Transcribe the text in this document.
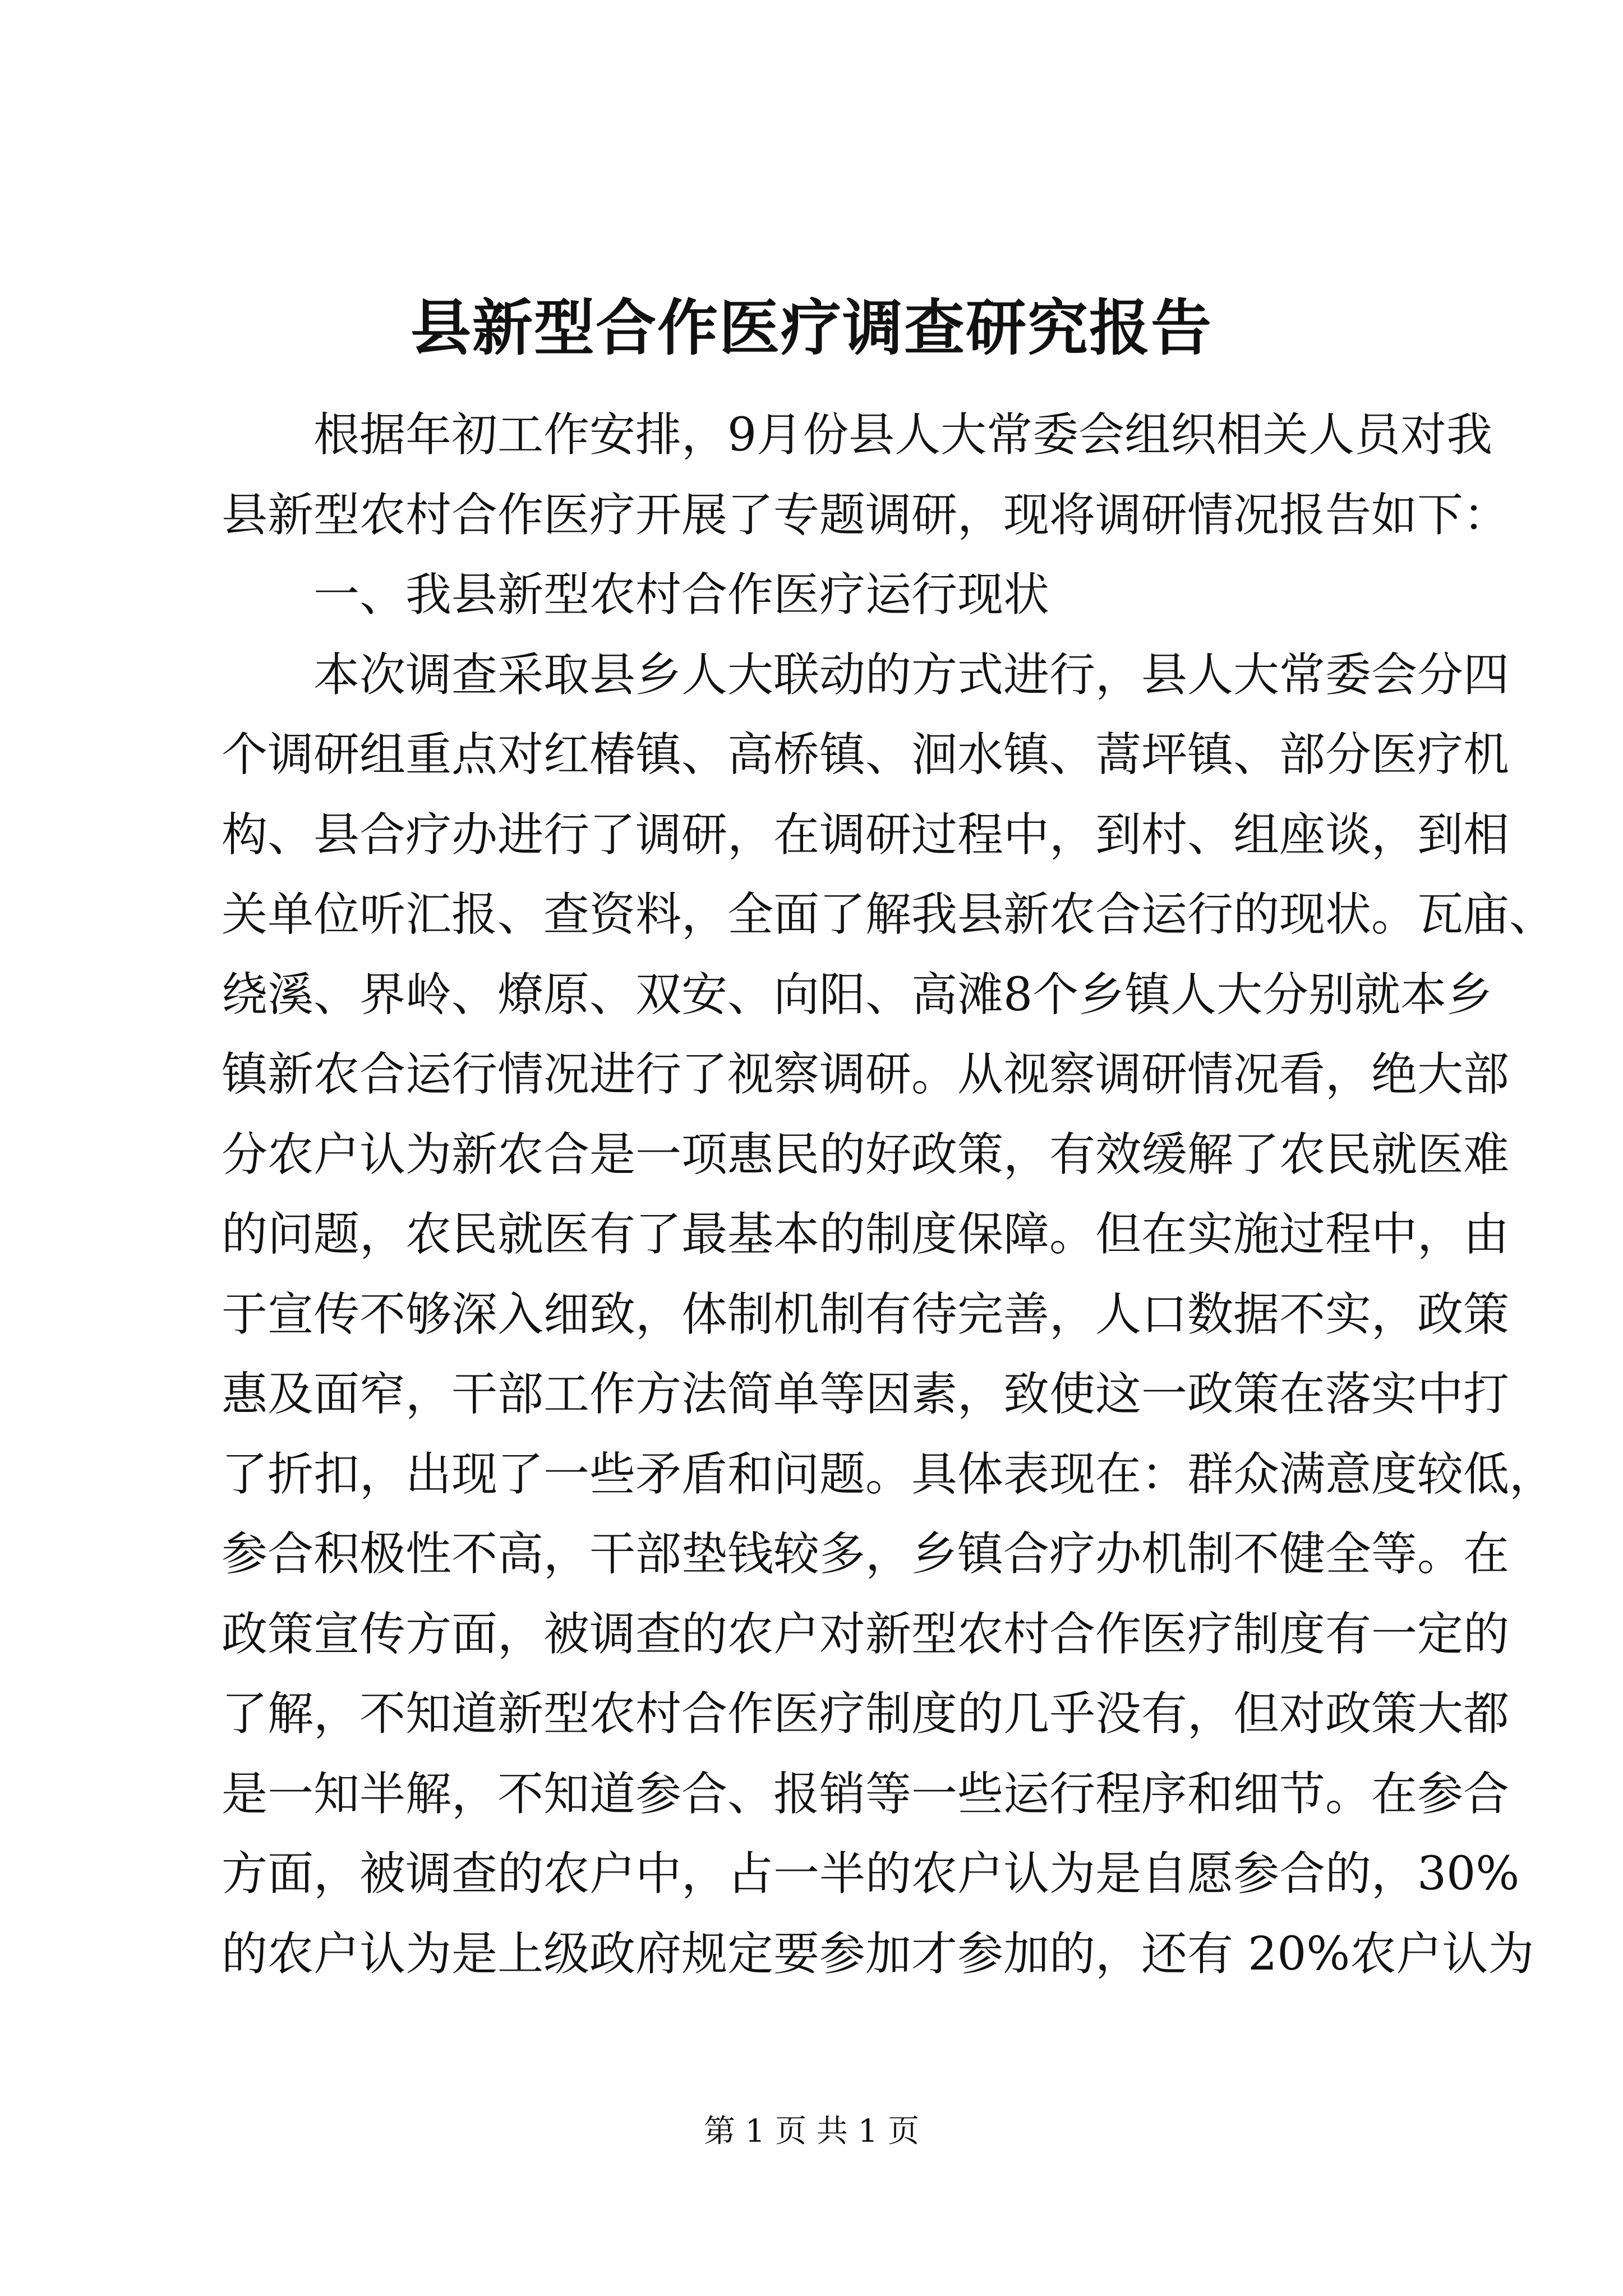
县新型合作医疗调查研究报告
根据年初工作安排，9月份县人大常委会组织相关人员对我
县新型农村合作医疗开展了专题调研，现将调研情况报告如下：
一、我县新型农村合作医疗运行现状
本次调查采取县乡人大联动的方式进行，县人大常委会分四
个调研组重点对红椿镇、高桥镇、洄水镇、蒿坪镇、部分医疗机
构、县合疗办进行了调研，在调研过程中，到村、组座谈，到相
关单位听汇报、查资料，全面了解我县新农合运行的现状。瓦庙、
绕溪、界岭、燎原、双安、向阳、高滩8个乡镇人大分别就本乡
镇新农合运行情况进行了视察调研。从视察调研情况看，绝大部
分农户认为新农合是一项惠民的好政策，有效缓解了农民就医难
的问题，农民就医有了最基本的制度保障。但在实施过程中，由
于宣传不够深入细致，体制机制有待完善，人口数据不实，政策
惠及面窄，干部工作方法简单等因素，致使这一政策在落实中打
了折扣，出现了一些矛盾和问题。具体表现在：群众满意度较低，
参合积极性不高，干部垫钱较多，乡镇合疗办机制不健全等。在
政策宣传方面，被调查的农户对新型农村合作医疗制度有一定的
了解，不知道新型农村合作医疗制度的几乎没有，但对政策大都
是一知半解，不知道参合、报销等一些运行程序和细节。在参合
方面，被调查的农户中，占一半的农户认为是自愿参合的，30%
的农户认为是上级政府规定要参加才参加的，还有 20%农户认为
第 1 页 共 1 页
